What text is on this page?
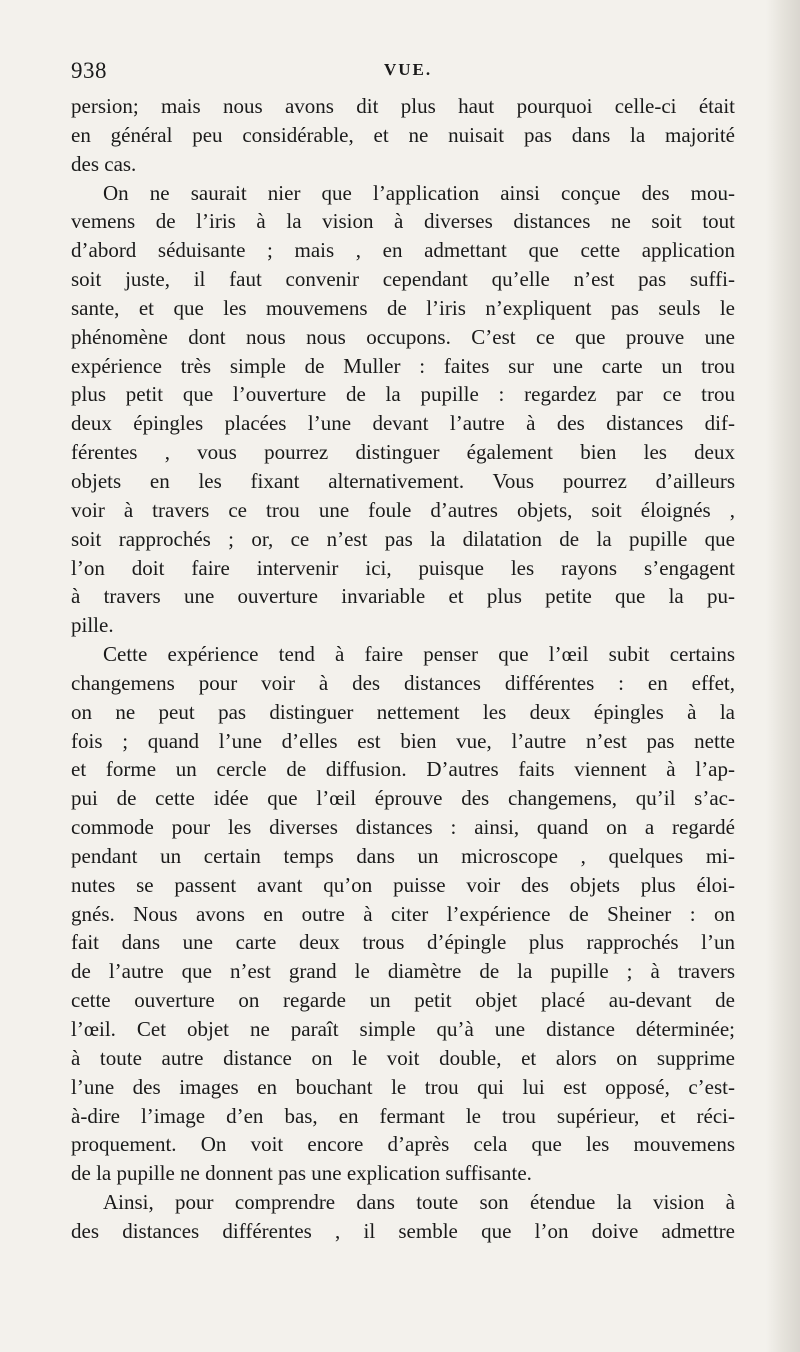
938	VUE.
persion; mais nous avons dit plus haut pourquoi celle-ci était
en général peu considérable, et ne nuisait pas dans la majorité
des cas.
On ne saurait nier que l’application ainsi conçue des mou-
vemens de l’iris à la vision à diverses distances ne soit tout
d’abord séduisante ; mais , en admettant que cette application
soit juste, il faut convenir cependant qu’elle n’est pas suffi-
sante, et que les mouvemens de l’iris n’expliquent pas seuls le
phénomène dont nous nous occupons. C’est ce que prouve une
expérience très simple de Muller : faites sur une carte un trou
plus petit que l’ouverture de la pupille : regardez par ce trou
deux épingles placées l’une devant l’autre à des distances dif-
férentes , vous pourrez distinguer également bien les deux
objets en les fixant alternativement. Vous pourrez d’ailleurs
voir à travers ce trou une foule d’autres objets, soit éloignés ,
soit rapprochés ; or, ce n’est pas la dilatation de la pupille que
l’on doit faire intervenir ici, puisque les rayons s’engagent
à travers une ouverture invariable et plus petite que la pu-
pille.
Cette expérience tend à faire penser que l’œil subit certains
changemens pour voir à des distances différentes : en effet,
on ne peut pas distinguer nettement les deux épingles à la
fois ; quand l’une d’elles est bien vue, l’autre n’est pas nette
et forme un cercle de diffusion. D’autres faits viennent à l’ap-
pui de cette idée que l’œil éprouve des changemens, qu’il s’ac-
commode pour les diverses distances : ainsi, quand on a regardé
pendant un certain temps dans un microscope , quelques mi-
nutes se passent avant qu’on puisse voir des objets plus éloi-
gnés. Nous avons en outre à citer l’expérience de Sheiner : on
fait dans une carte deux trous d’épingle plus rapprochés l’un
de l’autre que n’est grand le diamètre de la pupille ; à travers
cette ouverture on regarde un petit objet placé au-devant de
l’œil. Cet objet ne paraît simple qu’à une distance déterminée;
à toute autre distance on le voit double, et alors on supprime
l’une des images en bouchant le trou qui lui est opposé, c’est-
à-dire l’image d’en bas, en fermant le trou supérieur, et réci-
proquement. On voit encore d’après cela que les mouvemens
de la pupille ne donnent pas une explication suffisante.
Ainsi, pour comprendre dans toute son étendue la vision à
des distances différentes , il semble que l’on doive admettre
